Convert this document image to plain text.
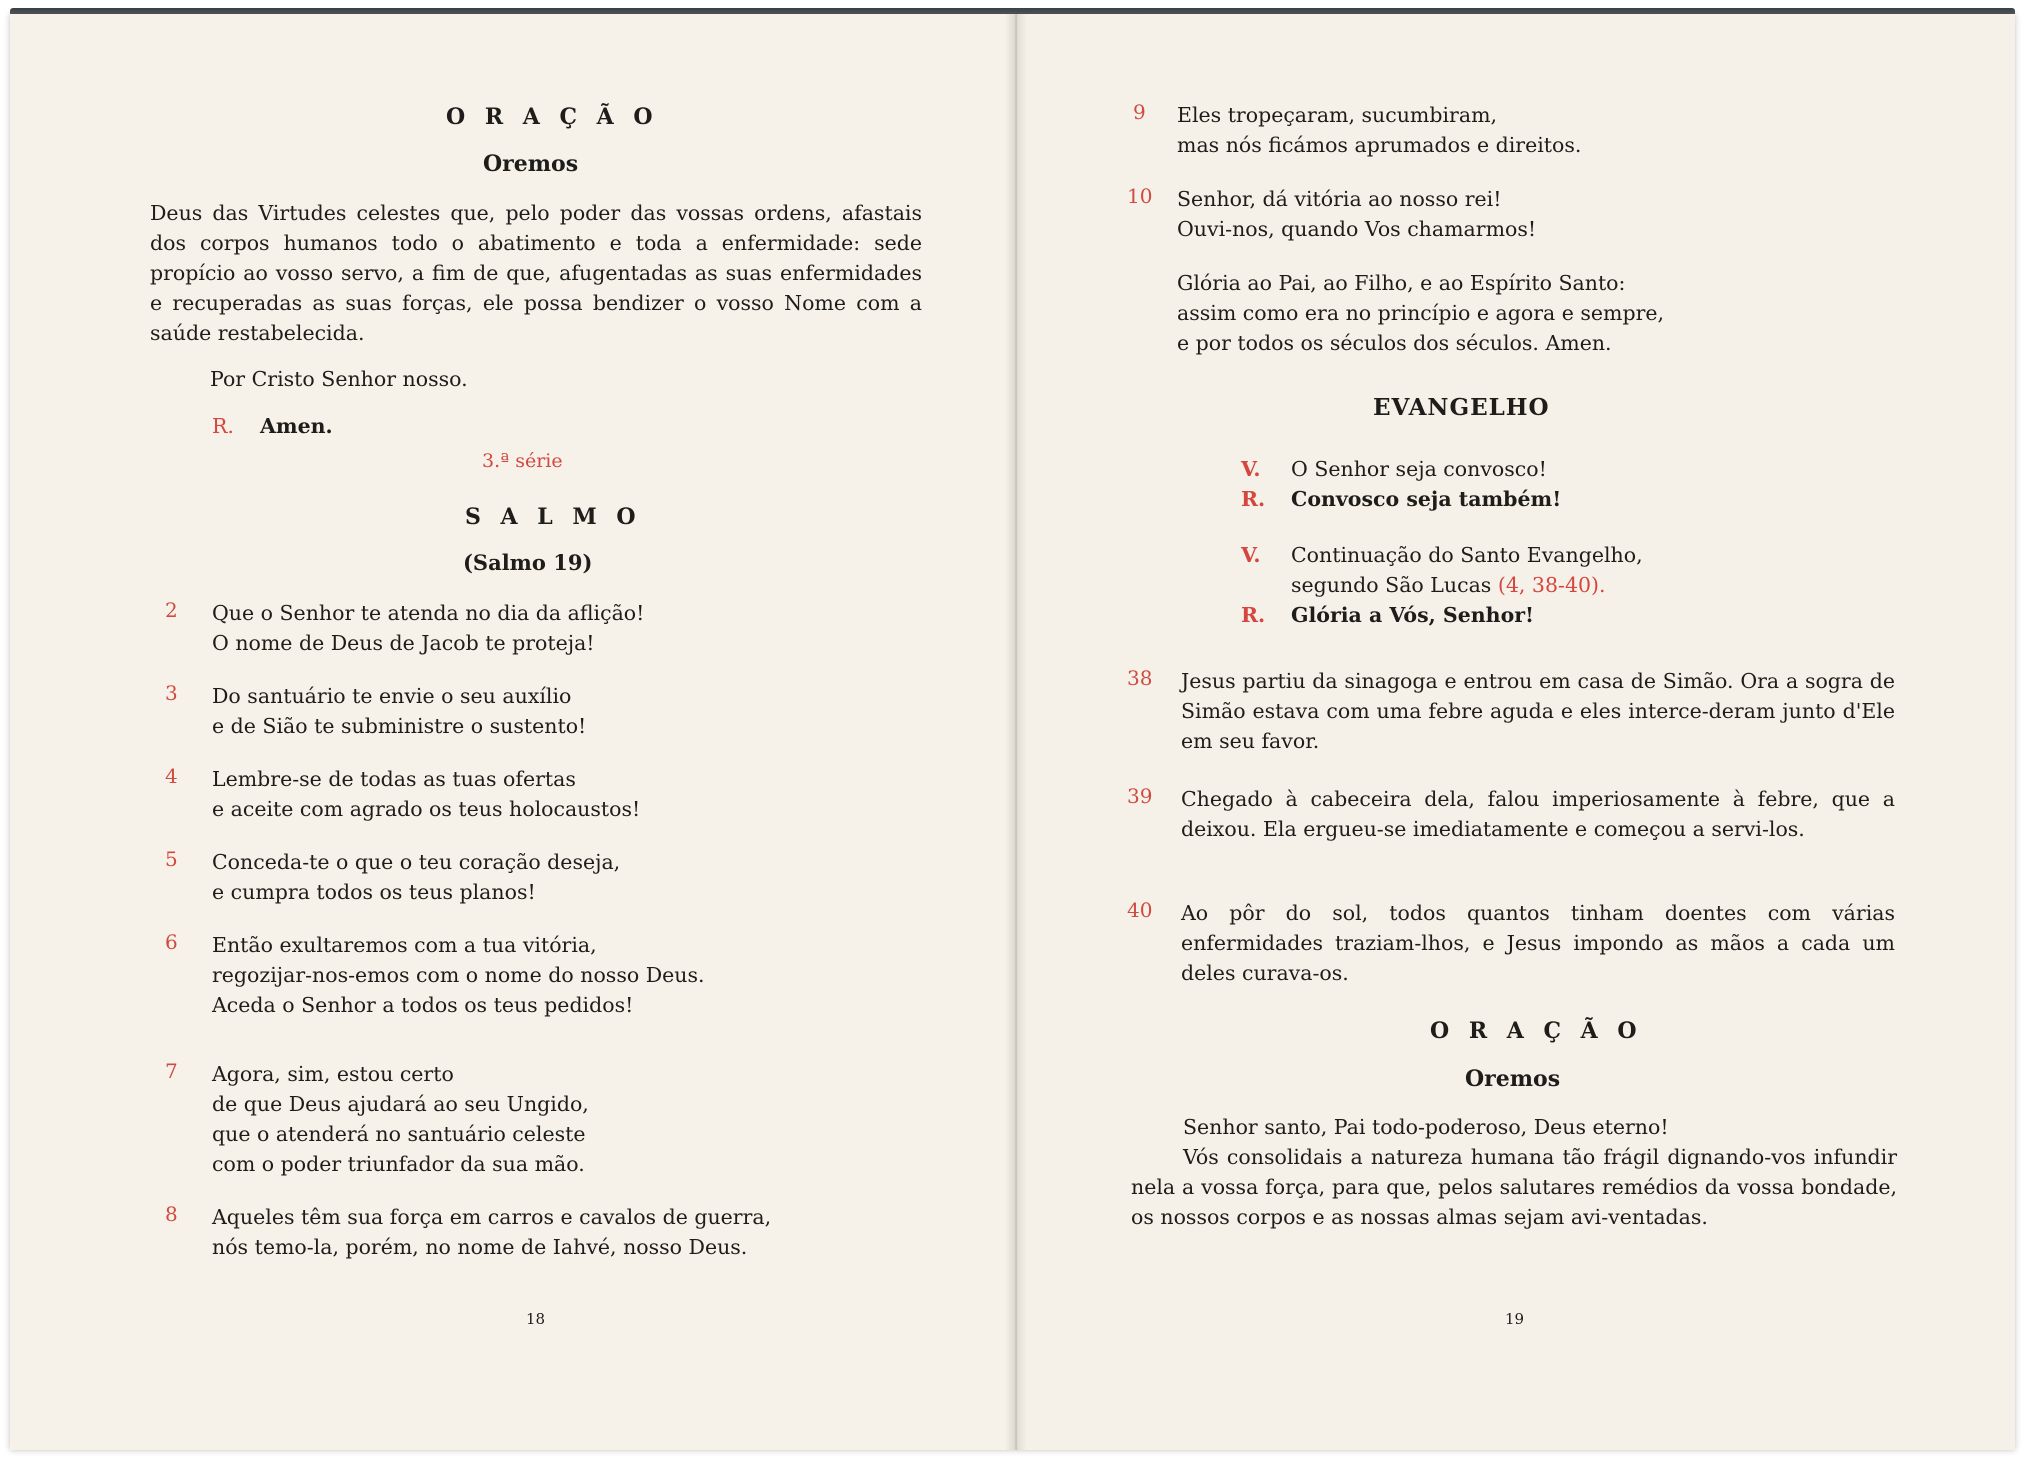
O R A Ç Ã O
Oremos
Deus das Virtudes celestes que, pelo poder das vossas ordens, afastais dos corpos humanos todo o abatimento e toda a enfermidade: sede propício ao vosso servo, a fim de que, afugentadas as suas enfermidades e recuperadas as suas forças, ele possa bendizer o vosso Nome com a saúde restabelecida.
Por Cristo Senhor nosso.
R. Amen.
3.ª série
S A L M O
(Salmo 19)
2 Que o Senhor te atenda no dia da aflição!
O nome de Deus de Jacob te proteja!
3 Do santuário te envie o seu auxílio
e de Sião te subministre o sustento!
4 Lembre-se de todas as tuas ofertas
e aceite com agrado os teus holocaustos!
5 Conceda-te o que o teu coração deseja,
e cumpra todos os teus planos!
6 Então exultaremos com a tua vitória,
regozijar-nos-emos com o nome do nosso Deus.
Aceda o Senhor a todos os teus pedidos!
7 Agora, sim, estou certo
de que Deus ajudará ao seu Ungido,
que o atenderá no santuário celeste
com o poder triunfador da sua mão.
8 Aqueles têm sua força em carros e cavalos de guerra,
nós temo-la, porém, no nome de Iahvé, nosso Deus.
18
9 Eles tropeçaram, sucumbiram,
mas nós ficámos aprumados e direitos.
10 Senhor, dá vitória ao nosso rei!
Ouvi-nos, quando Vos chamarmos!
Glória ao Pai, ao Filho, e ao Espírito Santo:
assim como era no princípio e agora e sempre,
e por todos os séculos dos séculos. Amen.
EVANGELHO
V. O Senhor seja convosco!
R. Convosco seja também!
V. Continuação do Santo Evangelho,
segundo São Lucas (4, 38-40).
R. Glória a Vós, Senhor!
38 Jesus partiu da sinagoga e entrou em casa de Simão. Ora a sogra de Simão estava com uma febre aguda e eles interce-deram junto d'Ele em seu favor.
39 Chegado à cabeceira dela, falou imperiosamente à febre, que a deixou. Ela ergueu-se imediatamente e começou a servi-los.
40 Ao pôr do sol, todos quantos tinham doentes com várias enfermidades traziam-lhos, e Jesus impondo as mãos a cada um deles curava-os.
O R A Ç Ã O
Oremos
Senhor santo, Pai todo-poderoso, Deus eterno!
Vós consolidais a natureza humana tão frágil dignando-vos infundir nela a vossa força, para que, pelos salutares remédios da vossa bondade, os nossos corpos e as nossas almas sejam avi-ventadas.
19
